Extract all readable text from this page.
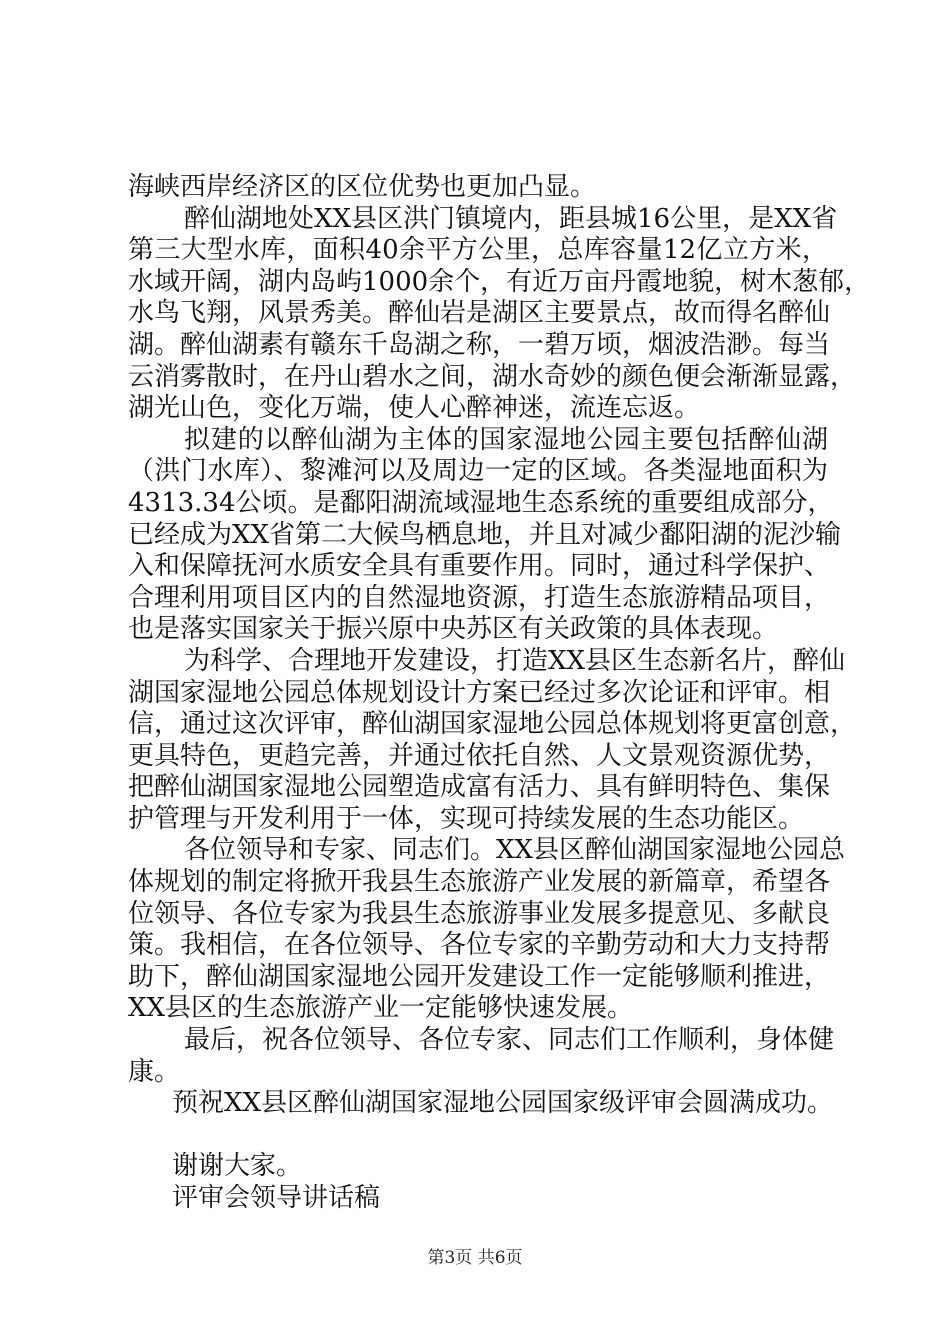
海峡西岸经济区的区位优势也更加凸显。
醉仙湖地处XX县区洪门镇境内，距县城16公里，是XX省
第三大型水库，面积40余平方公里，总库容量12亿立方米，
水域开阔，湖内岛屿1000余个，有近万亩丹霞地貌，树木葱郁，
水鸟飞翔，风景秀美。醉仙岩是湖区主要景点，故而得名醉仙
湖。醉仙湖素有赣东千岛湖之称，一碧万顷，烟波浩渺。每当
云消雾散时，在丹山碧水之间，湖水奇妙的颜色便会渐渐显露，
湖光山色，变化万端，使人心醉神迷，流连忘返。
拟建的以醉仙湖为主体的国家湿地公园主要包括醉仙湖
（洪门水库）、黎滩河以及周边一定的区域。各类湿地面积为
4313.34公顷。是鄱阳湖流域湿地生态系统的重要组成部分，
已经成为XX省第二大候鸟栖息地，并且对减少鄱阳湖的泥沙输
入和保障抚河水质安全具有重要作用。同时，通过科学保护、
合理利用项目区内的自然湿地资源，打造生态旅游精品项目，
也是落实国家关于振兴原中央苏区有关政策的具体表现。
为科学、合理地开发建设，打造XX县区生态新名片，醉仙
湖国家湿地公园总体规划设计方案已经过多次论证和评审。相
信，通过这次评审，醉仙湖国家湿地公园总体规划将更富创意，
更具特色，更趋完善，并通过依托自然、人文景观资源优势，
把醉仙湖国家湿地公园塑造成富有活力、具有鲜明特色、集保
护管理与开发利用于一体，实现可持续发展的生态功能区。
各位领导和专家、同志们。XX县区醉仙湖国家湿地公园总
体规划的制定将掀开我县生态旅游产业发展的新篇章，希望各
位领导、各位专家为我县生态旅游事业发展多提意见、多献良
策。我相信，在各位领导、各位专家的辛勤劳动和大力支持帮
助下，醉仙湖国家湿地公园开发建设工作一定能够顺利推进，
XX县区的生态旅游产业一定能够快速发展。
最后，祝各位领导、各位专家、同志们工作顺利，身体健
康。
预祝XX县区醉仙湖国家湿地公园国家级评审会圆满成功。
谢谢大家。
评审会领导讲话稿
第3页 共6页
